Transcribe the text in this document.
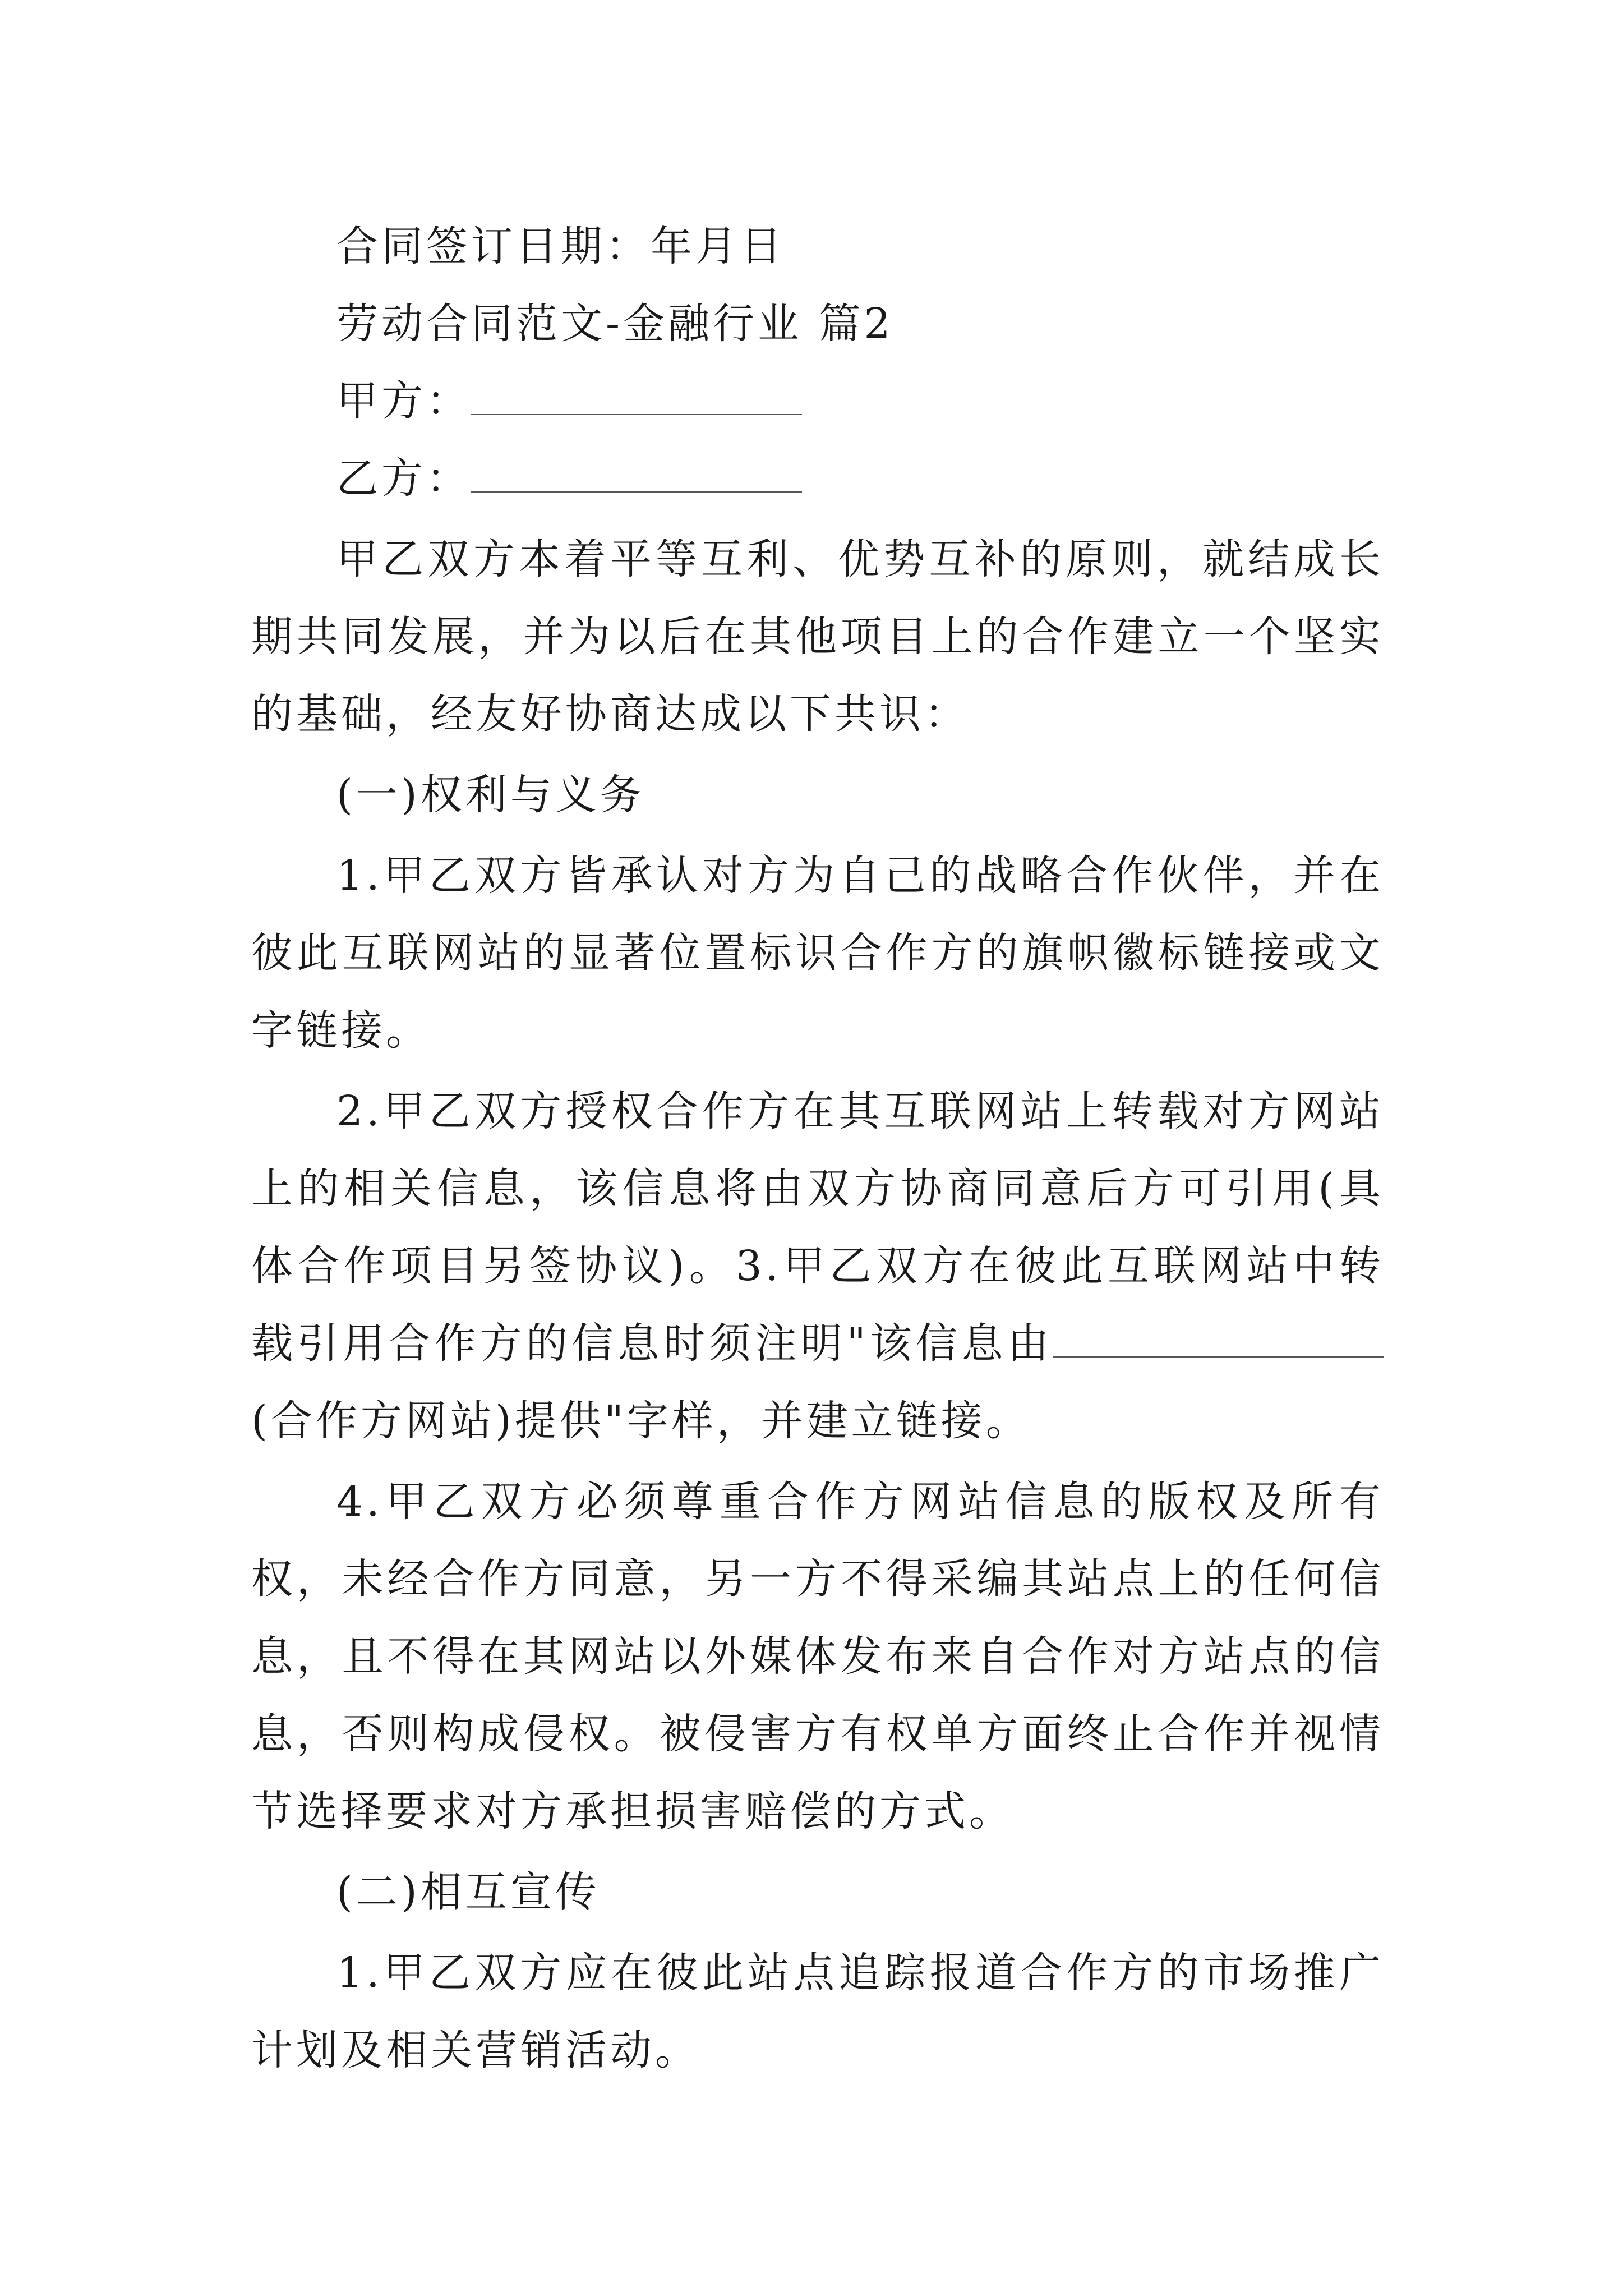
合同签订日期：年月日

劳动合同范文-金融行业 篇2

甲方：

乙方：

甲乙双方本着平等互利、优势互补的原则，就结成长期共同发展，并为以后在其他项目上的合作建立一个坚实的基础，经友好协商达成以下共识：

(一)权利与义务

1.甲乙双方皆承认对方为自己的战略合作伙伴，并在彼此互联网站的显著位置标识合作方的旗帜徽标链接或文字链接。

2.甲乙双方授权合作方在其互联网站上转载对方网站上的相关信息，该信息将由双方协商同意后方可引用(具体合作项目另签协议)。3.甲乙双方在彼此互联网站中转载引用合作方的信息时须注明"该信息由(合作方网站)提供"字样，并建立链接。

4.甲乙双方必须尊重合作方网站信息的版权及所有权，未经合作方同意，另一方不得采编其站点上的任何信息，且不得在其网站以外媒体发布来自合作对方站点的信息，否则构成侵权。被侵害方有权单方面终止合作并视情节选择要求对方承担损害赔偿的方式。

(二)相互宣传

1.甲乙双方应在彼此站点追踪报道合作方的市场推广计划及相关营销活动。
